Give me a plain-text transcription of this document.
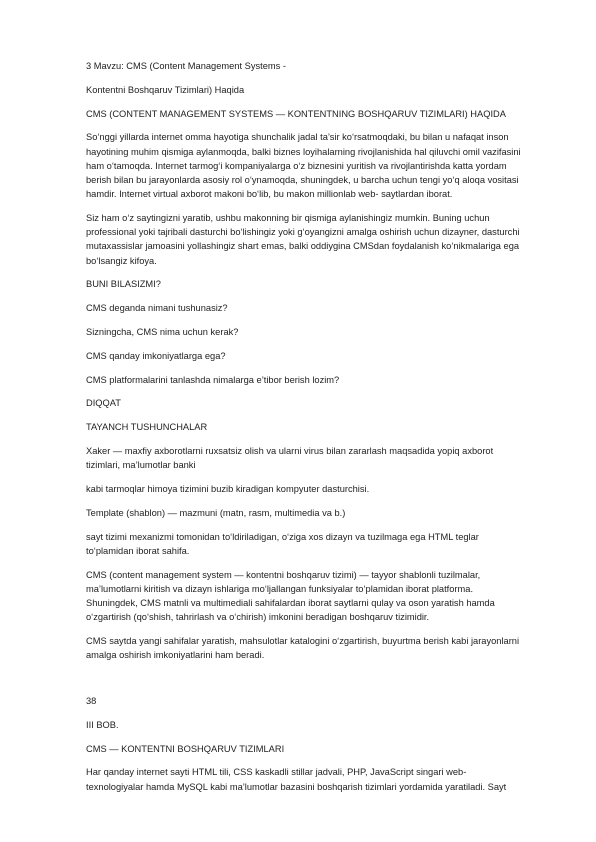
3 Mavzu: CMS (Content Management Systems -

Kontentni Boshqaruv Tizimlari) Haqida

CMS (CONTENT MANAGEMENT SYSTEMS — KONTENTNING BOSHQARUV TIZIMLARI) HAQIDA

So‘nggi yillarda internet omma hayotiga shunchalik jadal ta’sir ko‘rsatmoqdaki, bu bilan u nafaqat inson hayotining muhim qismiga aylanmoqda, balki biznes loyihalarning rivojlanishida hal qiluvchi omil vazifasini ham o‘tamoqda. Internet tarmog‘i kompaniyalarga o‘z biznesini yuritish va rivojlantirishda katta yordam berish bilan bu jarayonlarda asosiy rol o‘ynamoqda, shuningdek, u barcha uchun tengi yo‘q aloqa vositasi hamdir. Internet virtual axborot makoni bo‘lib, bu makon millionlab web- saytlardan iborat.

Siz ham o‘z saytingizni yaratib, ushbu makonning bir qismiga aylanishingiz mumkin. Buning uchun professional yoki tajribali dasturchi bo‘lishingiz yoki g‘oyangizni amalga oshirish uchun dizayner, dasturchi mutaxassislar jamoasini yollashingiz shart emas, balki oddiygina CMSdan foydalanish ko‘nikmalariga ega bo‘lsangiz kifoya.

BUNI BILASIZMI?

CMS deganda nimani tushunasiz?

Sizningcha, CMS nima uchun kerak?

CMS qanday imkoniyatlarga ega?

CMS platformalarini tanlashda nimalarga e’tibor berish lozim?

DIQQAT

TAYANCH TUSHUNCHALAR

Xaker — maxfiy axborotlarni ruxsatsiz olish va ularni virus bilan zararlash maqsadida yopiq axborot tizimlari, ma’lumotlar banki

kabi tarmoqlar himoya tizimini buzib kiradigan kompyuter dasturchisi.

Template (shablon) — mazmuni (matn, rasm, multimedia va b.)

sayt tizimi mexanizmi tomonidan to‘ldiriladigan, o‘ziga xos dizayn va tuzilmaga ega HTML teglar to‘plamidan iborat sahifa.

CMS (content management system — kontentni boshqaruv tizimi) — tayyor shablonli tuzilmalar, ma’lumotlarni kiritish va dizayn ishlariga mo‘ljallangan funksiyalar to‘plamidan iborat platforma. Shuningdek, CMS matnli va multimediali sahifalardan iborat saytlarni qulay va oson yaratish hamda o‘zgartirish (qo‘shish, tahrirlash va o‘chirish) imkonini beradigan boshqaruv tizimidir.

CMS saytda yangi sahifalar yaratish, mahsulotlar katalogini o‘zgartirish, buyurtma berish kabi jarayonlarni amalga oshirish imkoniyatlarini ham beradi.

38

III BOB.

CMS — KONTENTNI BOSHQARUV TIZIMLARI

Har qanday internet sayti HTML tili, CSS kaskadli stillar jadvali, PHP, JavaScript singari web- texnologiyalar hamda MySQL kabi ma’lumotlar bazasini boshqarish tizimlari yordamida yaratiladi. Sayt
